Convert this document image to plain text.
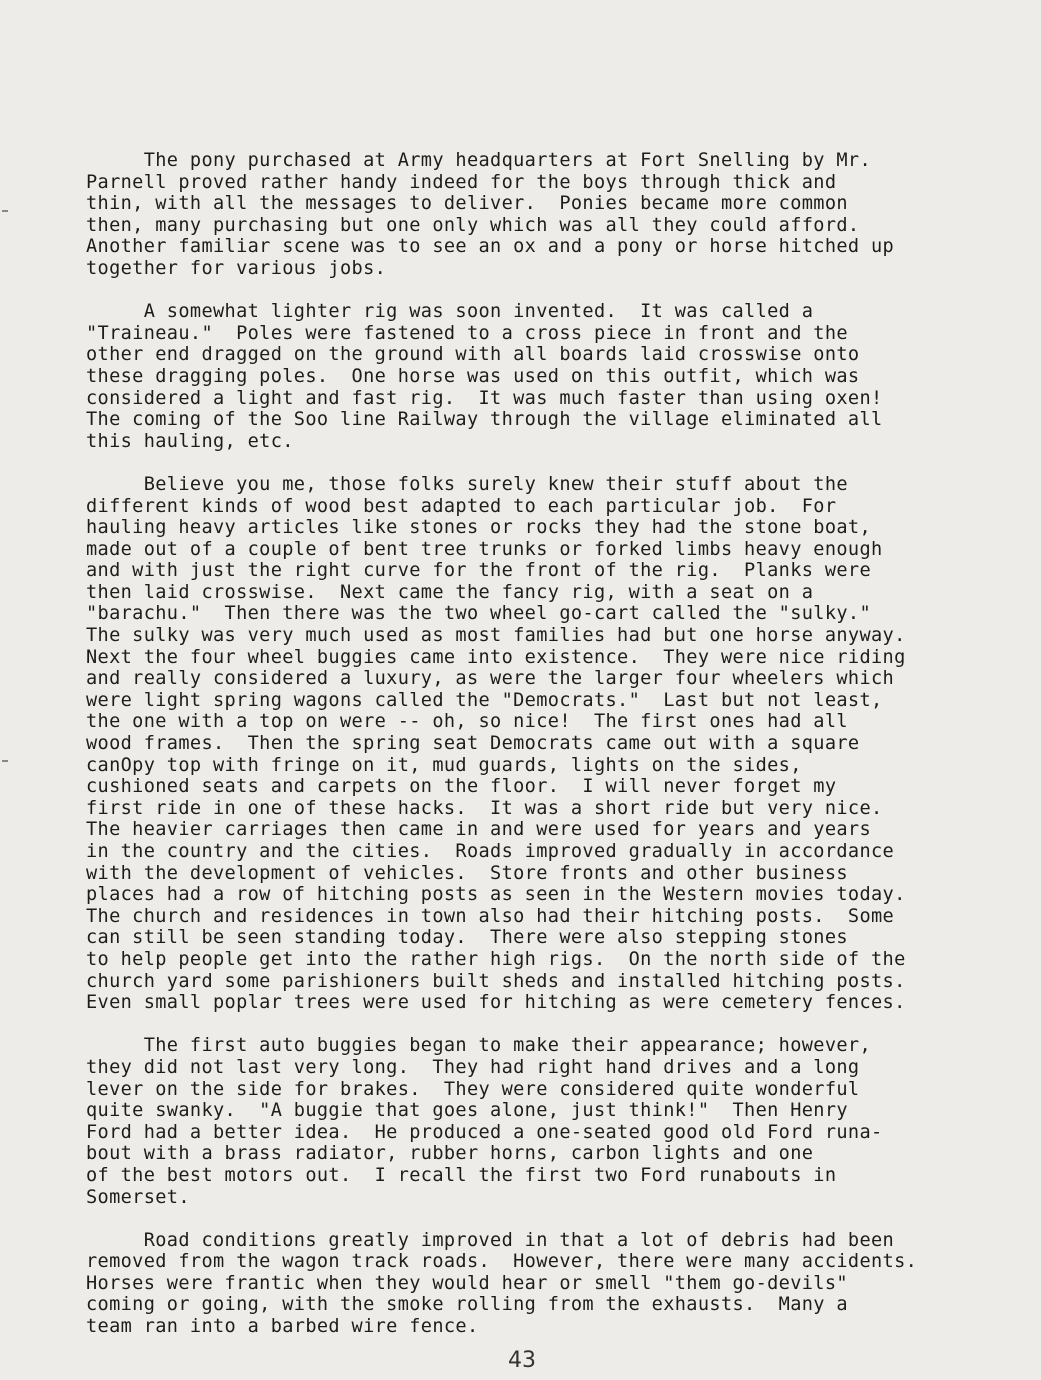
The pony purchased at Army headquarters at Fort Snelling by Mr.
Parnell proved rather handy indeed for the boys through thick and
thin, with all the messages to deliver.  Ponies became more common
then, many purchasing but one only which was all they could afford.
Another familiar scene was to see an ox and a pony or horse hitched up
together for various jobs.
A somewhat lighter rig was soon invented.  It was called a
"Traineau."  Poles were fastened to a cross piece in front and the
other end dragged on the ground with all boards laid crosswise onto
these dragging poles.  One horse was used on this outfit, which was
considered a light and fast rig.  It was much faster than using oxen!
The coming of the Soo line Railway through the village eliminated all
this hauling, etc.
Believe you me, those folks surely knew their stuff about the
different kinds of wood best adapted to each particular job.  For
hauling heavy articles like stones or rocks they had the stone boat,
made out of a couple of bent tree trunks or forked limbs heavy enough
and with just the right curve for the front of the rig.  Planks were
then laid crosswise.  Next came the fancy rig, with a seat on a
"barachu."  Then there was the two wheel go-cart called the "sulky."
The sulky was very much used as most families had but one horse anyway.
Next the four wheel buggies came into existence.  They were nice riding
and really considered a luxury, as were the larger four wheelers which
were light spring wagons called the "Democrats."  Last but not least,
the one with a top on were -- oh, so nice!  The first ones had all
wood frames.  Then the spring seat Democrats came out with a square
canOpy top with fringe on it, mud guards, lights on the sides,
cushioned seats and carpets on the floor.  I will never forget my
first ride in one of these hacks.  It was a short ride but very nice.
The heavier carriages then came in and were used for years and years
in the country and the cities.  Roads improved gradually in accordance
with the development of vehicles.  Store fronts and other business
places had a row of hitching posts as seen in the Western movies today.
The church and residences in town also had their hitching posts.  Some
can still be seen standing today.  There were also stepping stones
to help people get into the rather high rigs.  On the north side of the
church yard some parishioners built sheds and installed hitching posts.
Even small poplar trees were used for hitching as were cemetery fences.
The first auto buggies began to make their appearance; however,
they did not last very long.  They had right hand drives and a long
lever on the side for brakes.  They were considered quite wonderful
quite swanky.  "A buggie that goes alone, just think!"  Then Henry
Ford had a better idea.  He produced a one-seated good old Ford runa-
bout with a brass radiator, rubber horns, carbon lights and one
of the best motors out.  I recall the first two Ford runabouts in
Somerset.
Road conditions greatly improved in that a lot of debris had been
removed from the wagon track roads.  However, there were many accidents.
Horses were frantic when they would hear or smell "them go-devils"
coming or going, with the smoke rolling from the exhausts.  Many a
team ran into a barbed wire fence.
43
